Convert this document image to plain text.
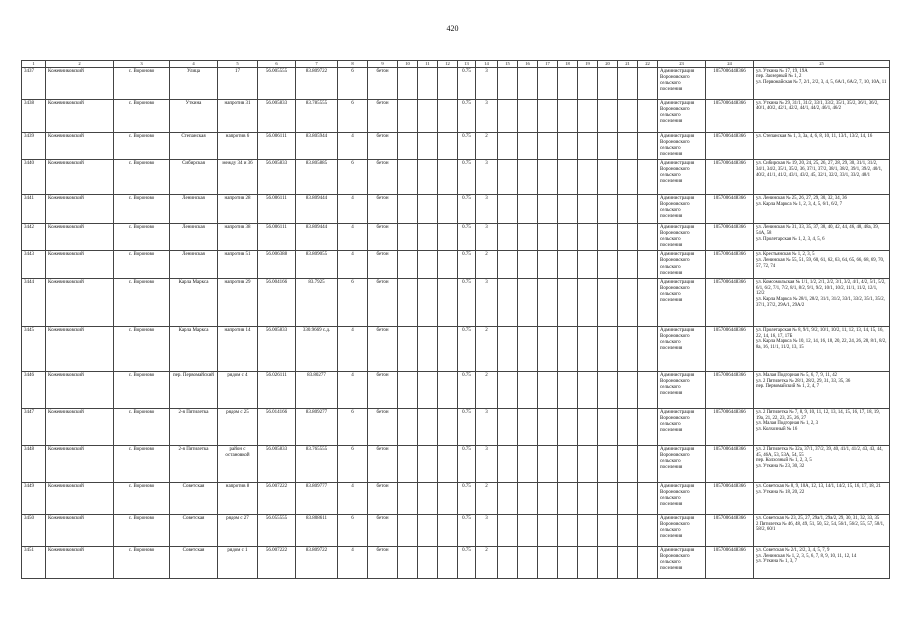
420
1	2	3	4	5	6	7	8	9	10	11	12	13	14	15	16	17	18	19	20	21	22	23	24	25
3437	Кожевниковский	с. Вороново	Улица	17	56.005555	83.809722	6	бетон				0.75	3									Администрация Вороновского сельского поселения	1057006448366	ул. Уткина № 17, 19, 19А
пер. Заозерный № 1, 2
ул. Первомайская № 7, 2/1, 2/2, 3, 4, 5, 6А/1, 6А/2, 7, 10, 10А, 11

3438	Кожевниковский	с. Вороново	Уткина	напротив 31	56.005833	83.785555	6	бетон				0.75	3									Администрация Вороновского сельского поселения	1057006448366	ул. Уткина № 29, 31/1, 31/2, 33/1, 33/2, 35/1, 35/2, 36/1, 36/2, 40/1, 40/2, 42/1, 42/2, 44/1, 44/2, 46/1, 46/2

3439	Кожевниковский	с. Вороново	Степанская	напротив 6	56.006111	83.805944	4	бетон				0.75	2									Администрация Вороновского сельского поселения	1057006448366	ул. Степанская № 1, 3, 3а, 4, 6, 8, 10, 11, 13/1, 13/2, 14, 16

3440	Кожевниковский	с. Вороново	Сибирская	между 34 и 36	56.005833	83.805885	6	бетон				0.75	3									Администрация Вороновского сельского поселения	1057006448366	ул. Сибирская № 19, 20, 24, 25, 26, 27, 28, 29, 30, 31/1, 31/2, 34/1, 34/2, 35/1, 35/2, 36, 37/1, 37/2, 38/1, 38/2, 39/1, 39/2, 40/1, 40/2, 41/1, 41/2, 43/1, 43/2, 45, 32/1, 32/2, 33/1, 33/2, 48/1

3441	Кожевниковский	с. Вороново	Ленинская	напротив 28	56.006111	83.809444	4	бетон				0.75	3									Администрация Вороновского сельского поселения	1057006448366	ул. Ленинская № 25, 26, 27, 29, 30, 32, 34, 36
ул. Карла Маркса № 1, 2, 3, 4, 5, 6/1, 6/2, 7

3442	Кожевниковский	с. Вороново	Ленинская	напротив 38	56.006111	83.809444	4	бетон				0.75	3									Администрация Вороновского сельского поселения	1057006448366	ул. Ленинская № 31, 33, 35, 37, 38, 40, 42, 44, 46, 48, 48а, 39, 54А, 58
ул. Пролетарская № 1, 2, 3, 4, 5, 6

3443	Кожевниковский	с. Вороново	Ленинская	напротив 51	56.006388	83.809055	4	бетон				0.75	2									Администрация Вороновского сельского поселения	1057006448366	ул. Крестьянская № 1, 2, 3, 5
ул. Ленинская № 55, 51, 59, 60, 61, 62, 63, 64, 65, 66, 68, 69, 70, 57, 72, 74

3444	Кожевниковский	с. Вороново	Карла Маркса	напротив 29	56.004166	83.7925	6	бетон				0.75	3									Администрация Вороновского сельского поселения	1057006448366	ул. Комсомольская № 1/1, 1/2, 2/1, 2/2, 3/1, 3/2, 4/1, 4/2, 5/1, 5/2, 6/1, 6/2, 7/1, 7/2, 8/1, 8/2, 9/1, 9/2, 10/1, 10/2, 11/1, 11/2, 12/1, 12/2
ул. Карла Маркса № 28/1, 28/2, 31/1, 31/2, 33/1, 33/2, 35/1, 35/2, 37/1, 37/2, 29А/1, 29А/2

3445	Кожевниковский	с. Вороново	Карла Маркса	напротив 14	56.005833	330.9669 с.д.	4	бетон				0.75	2									Администрация Вороновского сельского поселения	1057006448366	ул. Пролетарская № 8, 9/1, 9/2, 10/1, 10/2, 11, 12, 13, 14, 15, 16, 22, 14, 16, 17, 17Б
ул. Карла Маркса № 10, 12, 14, 16, 18, 20, 22, 24, 26, 28, 8/1, 8/2, 8а, 16, 11/1, 11/2, 13, 15

3446	Кожевниковский	с. Вороново	пер. Первомайский	рядом с 4	56.026111	83.80277	4	бетон				0.75	2									Администрация Вороновского сельского поселения	1057006448366	ул. Малая Подгорная № 5, 6, 7, 9, 11, 42
ул. 2 Пятилетка № 28/1, 28/2, 29, 31, 33, 35, 36
пер. Первомайский № 1, 2, 4, 7

3447	Кожевниковский	с. Вороново	2-я Пятилетка	рядом с 25	56.014166	83.809277	6	бетон				0.75	3									Администрация Вороновского сельского поселения	1057006448366	ул. 2 Пятилетка № 7, 8, 9, 10, 11, 12, 13, 14, 15, 16, 17, 18, 19, 19а, 21, 22, 23, 25, 26, 27
ул. Малая Подгорная № 1, 2, 3
ул. Колхозный № 16

3448	Кожевниковский	с. Вороново	2-я Пятилетка	район с остановкой	56.005833	83.765555	6	бетон				0.75	3									Администрация Вороновского сельского поселения	1057006448366	ул. 2 Пятилетка № 32а, 37/1, 37/2, 39, 40, 41/1, 41/2, 43, 43, 44, 45, 46А, 53, 53А, 54, 55
пер. Колхозный № 1, 2, 3, 5
ул. Уткина № 23, 30, 32

3449	Кожевниковский	с. Вороново	Советская	напротив 8	56.007222	83.809777	4	бетон				0.75	2									Администрация Вороновского сельского поселения	1057006448366	ул. Советская № 8, 9, 10А, 12, 13, 14/1, 14/2, 15, 16, 17, 18, 21
ул. Уткина № 18, 20, 22

3450	Кожевниковский	с. Вороново	Советская	рядом с 27	56.055555	83.808611	6	бетон				0.75	3									Администрация Вороновского сельского поселения	1057006448366	ул. Советская № 23, 25, 27, 29а/1, 29а/2, 29, 30, 31, 32, 33, 35
2 Пятилетка № 46, 48, 49, 51, 50, 52, 54, 56/1, 56/2, 55, 57, 58/1, 58/2, 60/1

3451	Кожевниковский	с. Вороново	Советская	рядом с 1	56.007222	83.809722	4	бетон				0.75	2									Администрация Вороновского сельского поселения	1057006448366	ул. Советская № 2/1, 2/2, 3, 4, 5, 7, 9
ул. Ленинская № 1, 2, 3, 5, 6, 7, 8, 9, 10, 11, 12, 14
ул. Уткина № 1, 3, 7
